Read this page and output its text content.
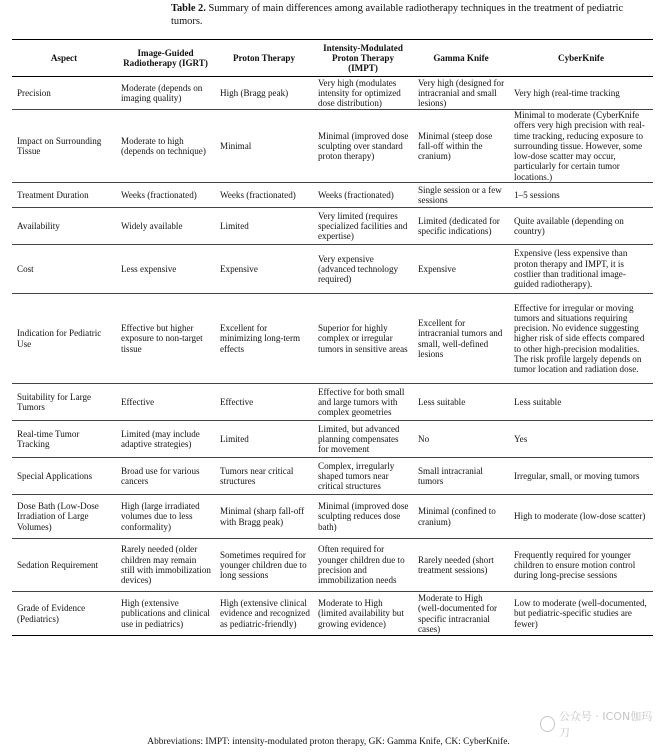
Table 2. Summary of main differences among available radiotherapy techniques in the treatment of pediatric tumors.
Aspect	Image-Guided Radiotherapy (IGRT)	Proton Therapy	Intensity-Modulated Proton Therapy (IMPT)	Gamma Knife	CyberKnife
Precision	Moderate (depends on imaging quality)	High (Bragg peak)	Very high (modulates intensity for optimized dose distribution)	Very high (designed for intracranial and small lesions)	Very high (real-time tracking
Impact on Surrounding Tissue	Moderate to high (depends on technique)	Minimal	Minimal (improved dose sculpting over standard proton therapy)	Minimal (steep dose fall-off within the cranium)	Minimal to moderate (CyberKnife offers very high precision with real-time tracking, reducing exposure to surrounding tissue. However, some low-dose scatter may occur, particularly for certain tumor locations.)
Treatment Duration	Weeks (fractionated)	Weeks (fractionated)	Weeks (fractionated)	Single session or a few sessions	1–5 sessions
Availability	Widely available	Limited	Very limited (requires specialized facilities and expertise)	Limited (dedicated for specific indications)	Quite available (depending on country)
Cost	Less expensive	Expensive	Very expensive (advanced technology required)	Expensive	Expensive (less expensive than proton therapy and IMPT, it is costlier than traditional image-guided radiotherapy).
Indication for Pediatric Use	Effective but higher exposure to non-target tissue	Excellent for minimizing long-term effects	Superior for highly complex or irregular tumors in sensitive areas	Excellent for intracranial tumors and small, well-defined lesions	Effective for irregular or moving tumors and situations requiring precision. No evidence suggesting higher risk of side effects compared to other high-precision modalities. The risk profile largely depends on tumor location and radiation dose.
Suitability for Large Tumors	Effective	Effective	Effective for both small and large tumors with complex geometries	Less suitable	Less suitable
Real-time Tumor Tracking	Limited (may include adaptive strategies)	Limited	Limited, but advanced planning compensates for movement	No	Yes
Special Applications	Broad use for various cancers	Tumors near critical structures	Complex, irregularly shaped tumors near critical structures	Small intracranial tumors	Irregular, small, or moving tumors
Dose Bath (Low-Dose Irradiation of Large Volumes)	High (large irradiated volumes due to less conformality)	Minimal (sharp fall-off with Bragg peak)	Minimal (improved dose sculpting reduces dose bath)	Minimal (confined to cranium)	High to moderate (low-dose scatter)
Sedation Requirement	Rarely needed (older children may remain still with immobilization devices)	Sometimes required for younger children due to long sessions	Often required for younger children due to precision and immobilization needs	Rarely needed (short treatment sessions)	Frequently required for younger children to ensure motion control during long-precise sessions
Grade of Evidence (Pediatrics)	High (extensive publications and clinical use in pediatrics)	High (extensive clinical evidence and recognized as pediatric-friendly)	Moderate to High (limited availability but growing evidence)	Moderate to High (well-documented for specific intracranial cases)	Low to moderate (well-documented, but pediatric-specific studies are fewer)
Abbreviations: IMPT: intensity-modulated proton therapy, GK: Gamma Knife, CK: CyberKnife.
公众号 · ICON伽玛刀
